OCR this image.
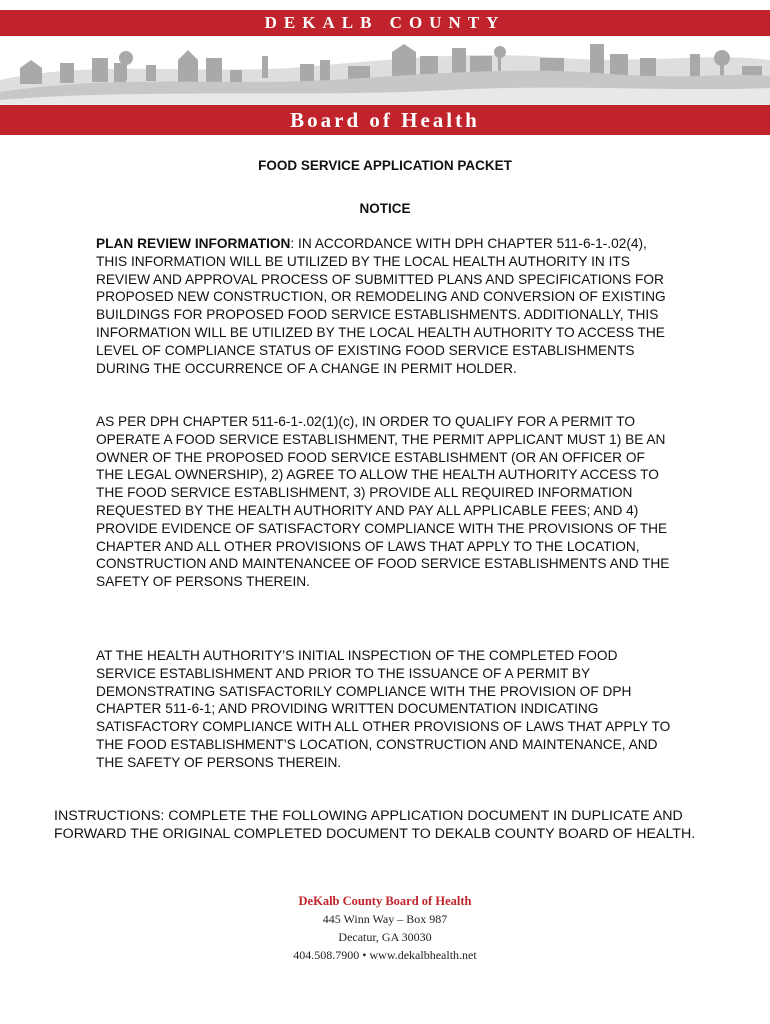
DEKALB COUNTY
Board of Health
FOOD SERVICE APPLICATION PACKET
NOTICE

PLAN REVIEW INFORMATION: IN ACCORDANCE WITH DPH CHAPTER 511-6-1-.02(4), THIS INFORMATION WILL BE UTILIZED BY THE LOCAL HEALTH AUTHORITY IN ITS REVIEW AND APPROVAL PROCESS OF SUBMITTED PLANS AND SPECIFICATIONS FOR PROPOSED NEW CONSTRUCTION, OR REMODELING AND CONVERSION OF EXISTING BUILDINGS FOR PROPOSED FOOD SERVICE ESTABLISHMENTS. ADDITIONALLY, THIS INFORMATION WILL BE UTILIZED BY THE LOCAL HEALTH AUTHORITY TO ACCESS THE LEVEL OF COMPLIANCE STATUS OF EXISTING FOOD SERVICE ESTABLISHMENTS DURING THE OCCURRENCE OF A CHANGE IN PERMIT HOLDER.

AS PER DPH CHAPTER 511-6-1-.02(1)(c), IN ORDER TO QUALIFY FOR A PERMIT TO OPERATE A FOOD SERVICE ESTABLISHMENT, THE PERMIT APPLICANT MUST 1) BE AN OWNER OF THE PROPOSED FOOD SERVICE ESTABLISHMENT (OR AN OFFICER OF THE LEGAL OWNERSHIP), 2) AGREE TO ALLOW THE HEALTH AUTHORITY ACCESS TO THE FOOD SERVICE ESTABLISHMENT, 3) PROVIDE ALL REQUIRED INFORMATION REQUESTED BY THE HEALTH AUTHORITY AND PAY ALL APPLICABLE FEES; AND 4) PROVIDE EVIDENCE OF SATISFACTORY COMPLIANCE WITH THE PROVISIONS OF THE CHAPTER AND ALL OTHER PROVISIONS OF LAWS THAT APPLY TO THE LOCATION, CONSTRUCTION AND MAINTENANCEE OF FOOD SERVICE ESTABLISHMENTS AND THE SAFETY OF PERSONS THEREIN.

AT THE HEALTH AUTHORITY’S INITIAL INSPECTION OF THE COMPLETED FOOD SERVICE ESTABLISHMENT AND PRIOR TO THE ISSUANCE OF A PERMIT BY DEMONSTRATING SATISFACTORILY COMPLIANCE WITH THE PROVISION OF DPH CHAPTER 511-6-1; AND PROVIDING WRITTEN DOCUMENTATION INDICATING SATISFACTORY COMPLIANCE WITH ALL OTHER PROVISIONS OF LAWS THAT APPLY TO THE FOOD ESTABLISHMENT’S LOCATION, CONSTRUCTION AND MAINTENANCE, AND THE SAFETY OF PERSONS THEREIN.

INSTRUCTIONS: COMPLETE THE FOLLOWING APPLICATION DOCUMENT IN DUPLICATE AND FORWARD THE ORIGINAL COMPLETED DOCUMENT TO DEKALB COUNTY BOARD OF HEALTH.

DeKalb County Board of Health
445 Winn Way – Box 987
Decatur, GA 30030
404.508.7900 • www.dekalbhealth.net
